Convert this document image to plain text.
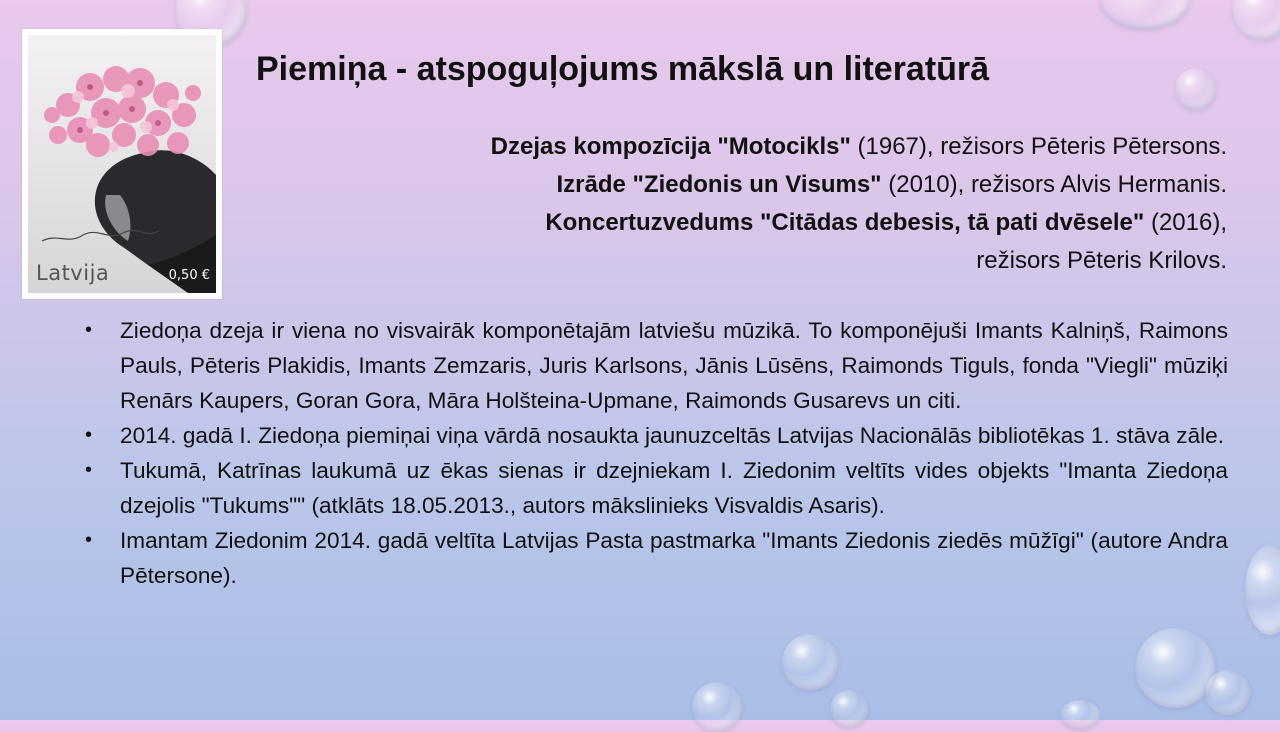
Latvija	0,50 €
Piemiņa - atspoguļojums mākslā un literatūrā

Dzejas kompozīcija "Motocikls" (1967), režisors Pēteris Pētersons.

Izrāde "Ziedonis un Visums" (2010), režisors Alvis Hermanis.

Koncertuzvedums "Citādas debesis, tā pati dvēsele" (2016),

režisors Pēteris Krilovs.

• Ziedoņa dzeja ir viena no visvairāk komponētajām latviešu mūzikā. To komponējuši Imants Kalniņš, Raimons Pauls, Pēteris Plakidis, Imants Zemzaris, Juris Karlsons, Jānis Lūsēns, Raimonds Tiguls, fonda "Viegli" mūziķi Renārs Kaupers, Goran Gora, Māra Holšteina-Upmane, Raimonds Gusarevs un citi.
• 2014. gadā I. Ziedoņa piemiņai viņa vārdā nosaukta jaunuzceltās Latvijas Nacionālās bibliotēkas 1. stāva zāle.
• Tukumā, Katrīnas laukumā uz ēkas sienas ir dzejniekam I. Ziedonim veltīts vides objekts "Imanta Ziedoņa dzejolis "Tukums"" (atklāts 18.05.2013., autors mākslinieks Visvaldis Asaris).
• Imantam Ziedonim 2014. gadā veltīta Latvijas Pasta pastmarka "Imants Ziedonis ziedēs mūžīgi" (autore Andra Pētersone).
